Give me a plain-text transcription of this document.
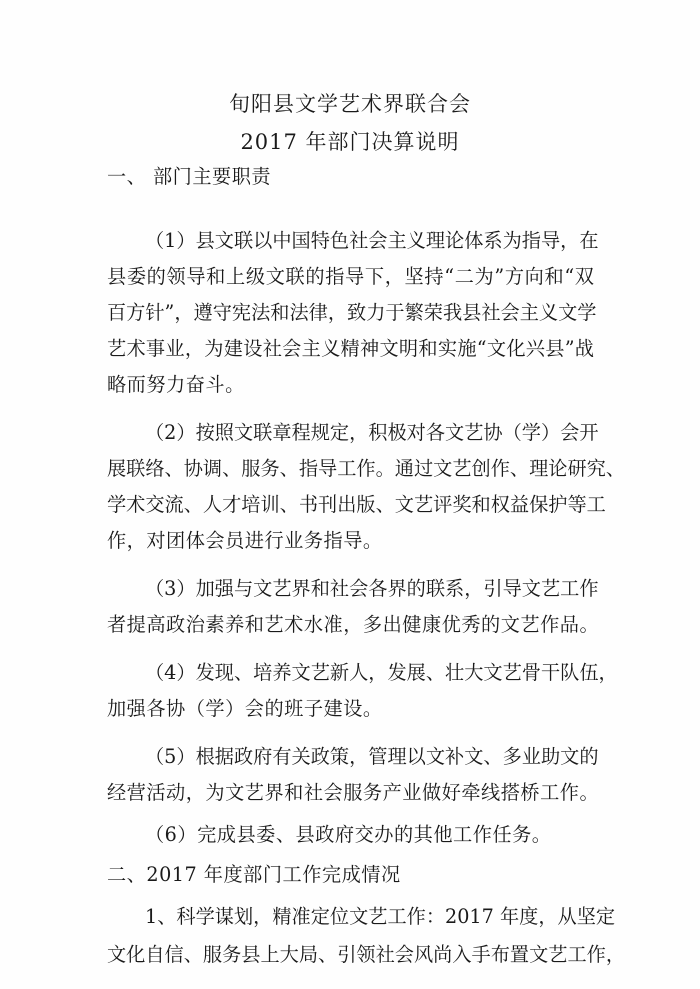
旬阳县文学艺术界联合会
2017 年部门决算说明
一、 部门主要职责
（1）县文联以中国特色社会主义理论体系为指导，在
县委的领导和上级文联的指导下，坚持“二为”方向和“双
百方针”，遵守宪法和法律，致力于繁荣我县社会主义文学
艺术事业，为建设社会主义精神文明和实施“文化兴县”战
略而努力奋斗。
（2）按照文联章程规定，积极对各文艺协（学）会开
展联络、协调、服务、指导工作。通过文艺创作、理论研究、
学术交流、人才培训、书刊出版、文艺评奖和权益保护等工
作，对团体会员进行业务指导。
（3）加强与文艺界和社会各界的联系，引导文艺工作
者提高政治素养和艺术水准，多出健康优秀的文艺作品。
（4）发现、培养文艺新人，发展、壮大文艺骨干队伍，
加强各协（学）会的班子建设。
（5）根据政府有关政策，管理以文补文、多业助文的
经营活动，为文艺界和社会服务产业做好牵线搭桥工作。
（6）完成县委、县政府交办的其他工作任务。
二、2017 年度部门工作完成情况
1、科学谋划，精准定位文艺工作：2017 年度，从坚定
文化自信、服务县上大局、引领社会风尚入手布置文艺工作，
